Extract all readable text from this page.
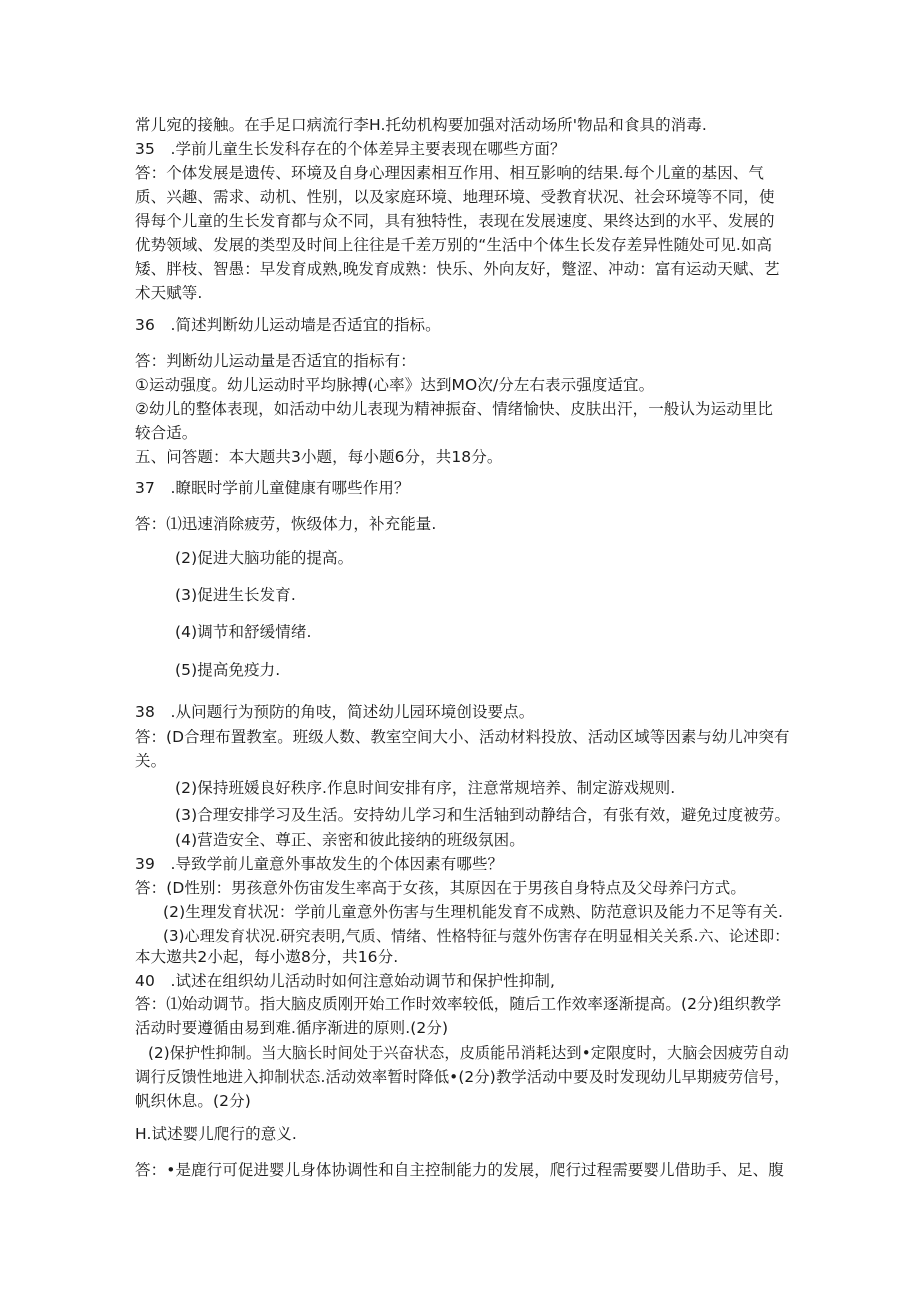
常儿宛的接触。在手足口病流行李H.托幼机构要加强对活动场所'物品和食具的消毒.
35　.学前儿童生长发科存在的个体差异主要表现在哪些方面？
答：个体发展是遗传、环境及自身心理因素相互作用、相互影响的结果.每个儿童的基因、气
质、兴趣、需求、动机、性别，以及家庭环境、地理环境、受教育状况、社会环境等不同，使
得每个儿童的生长发育都与众不同，具有独特性，表现在发展速度、果终达到的水平、发展的
优势领域、发展的类型及时间上往往是千差万别的“生活中个体生长发存差异性随处可见.如高
矮、胖枝、智愚：早发育成熟,晚发育成熟：快乐、外向友好，蹩涩、冲动：富有运动天赋、艺
术天赋等.
36　.简述判断幼儿运动墙是否适宜的指标。
答：判断幼儿运动量是否适宜的指标有：
①运动强度。幼儿运动时平均脉搏(心率》达到MO次/分左右表示强度适宜。
②幼儿的整体表现，如活动中幼儿表现为精神振奋、情绪愉快、皮肤出汗，一般认为运动里比
较合适。
五、问答题：本大题共3小题，每小题6分，共18分。
37　.瞭眠时学前儿童健康有哪些作用？
答：⑴迅速消除疲劳，恢级体力，补充能量.
(2)促进大脑功能的提高。
(3)促进生长发育.
(4)调节和舒缓情绪.
(5)提高免疫力.
38　.从问题行为预防的角吱，简述幼儿园环境创设要点。
答：(D合理布置教室。班级人数、教室空间大小、活动材料投放、活动区域等因素与幼儿冲突有
关。
(2)保持班媛良好秩序.作息时间安排有序，注意常规培养、制定游戏规则.
(3)合理安排学习及生活。安持幼儿学习和生活轴到动静结合，有张有效，避免过度被劳。
(4)营造安全、尊正、亲密和彼此接纳的班级氛困。
39　.导致学前儿童意外事故发生的个体因素有哪些？
答：(D性别：男孩意外伤宙发生率高于女孩，其原因在于男孩自身特点及父母养闩方式。
(2)生理发育状况：学前儿童意外伤害与生理机能发育不成熟、防范意识及能力不足等有关.
(3)心理发育状况.研究表明,气质、情绪、性格特征与蔻外伤害存在明显相关关系.六、论述即：
本大遨共2小起，每小遨8分，共16分.
40　.试述在组织幼儿活动时如何注意始动调节和保护性抑制,
答：⑴始动调节。指大脑皮质刚开始工作时效率较低，随后工作效率逐渐提高。(2分)组织教学
活动时要遵循由易到难.循序渐进的原则.(2分)
(2)保护性抑制。当大脑长时间处于兴奋状态，皮质能吊消耗达到•定限度时，大脑会因疲劳自动
调行反馈性地进入抑制状态.活动效率暂时降低•(2分)教学活动中要及时发现幼儿早期疲劳信号，
帆织休息。(2分)
H.试述婴儿爬行的意义.
答：•是鹿行可促进婴儿身体协调性和自主控制能力的发展，爬行过程需要婴儿借助手、足、腹
